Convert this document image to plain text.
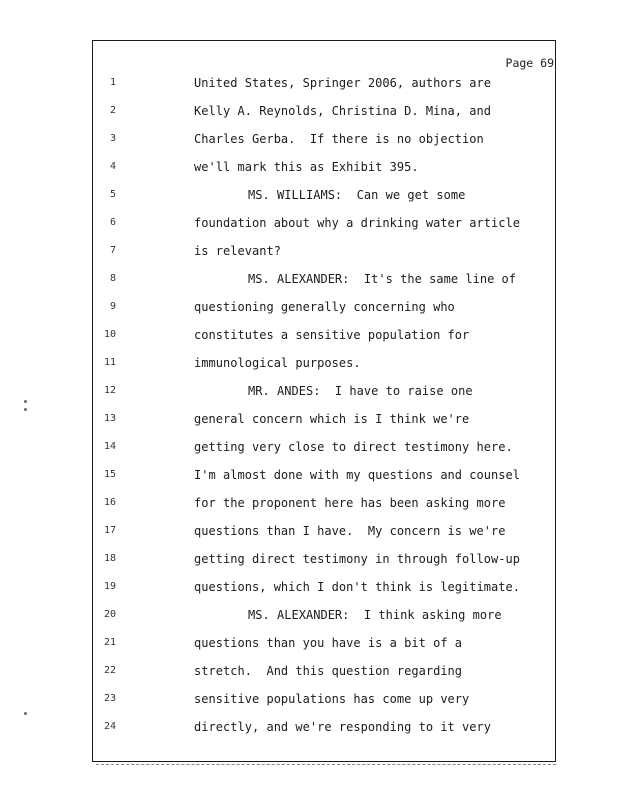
Page 69
1	United States, Springer 2006, authors are
2	Kelly A. Reynolds, Christina D. Mina, and
3	Charles Gerba.  If there is no objection
4	we'll mark this as Exhibit 395.
5	MS. WILLIAMS:  Can we get some
6	foundation about why a drinking water article
7	is relevant?
8	MS. ALEXANDER:  It's the same line of
9	questioning generally concerning who
10	constitutes a sensitive population for
11	immunological purposes.
12	MR. ANDES:  I have to raise one
13	general concern which is I think we're
14	getting very close to direct testimony here.
15	I'm almost done with my questions and counsel
16	for the proponent here has been asking more
17	questions than I have.  My concern is we're
18	getting direct testimony in through follow-up
19	questions, which I don't think is legitimate.
20	MS. ALEXANDER:  I think asking more
21	questions than you have is a bit of a
22	stretch.  And this question regarding
23	sensitive populations has come up very
24	directly, and we're responding to it very
